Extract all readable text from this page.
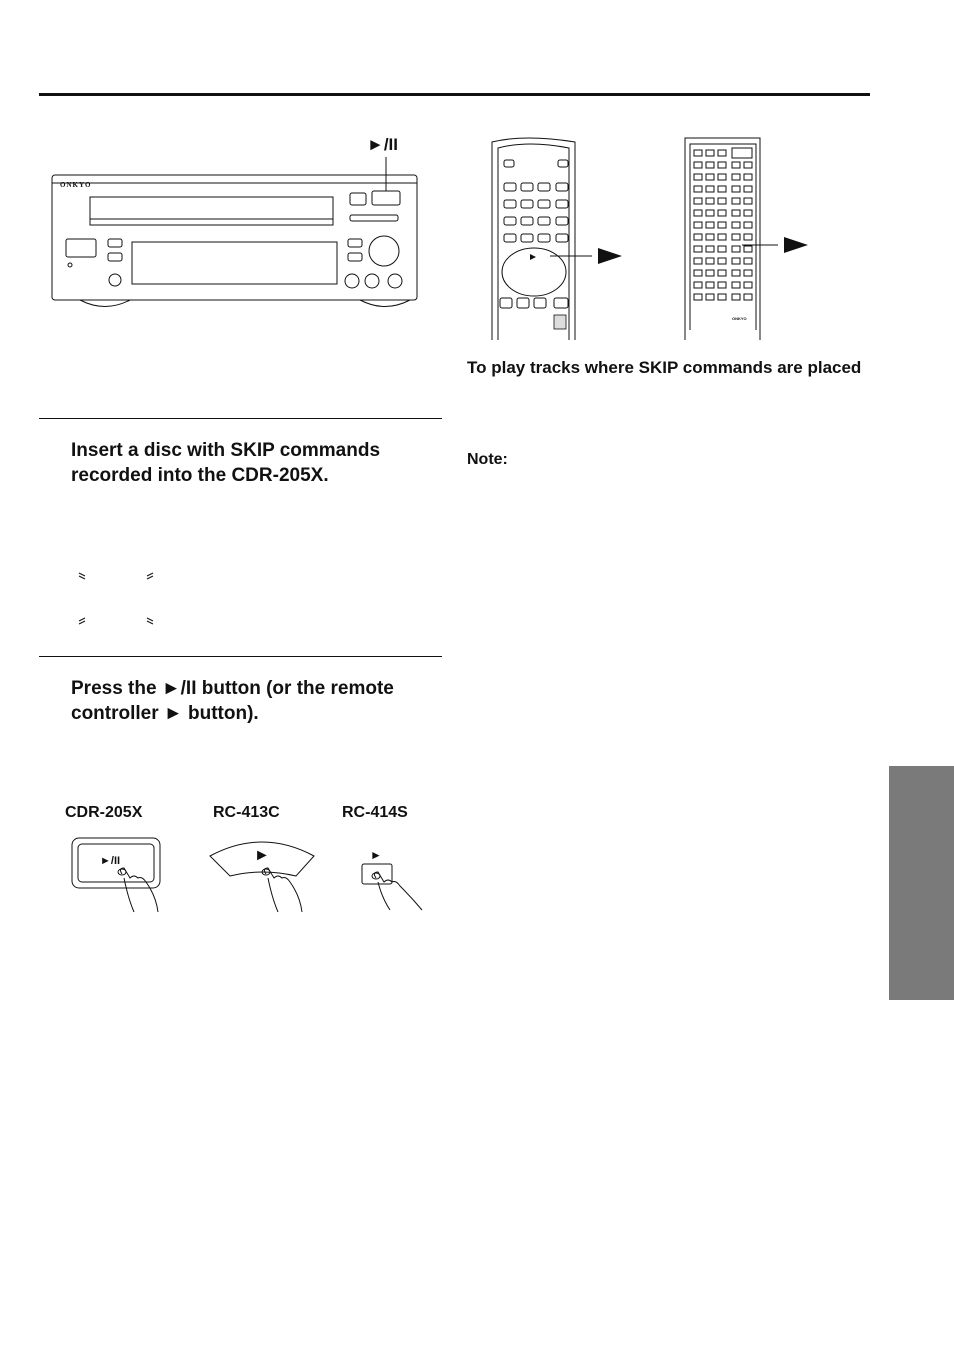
►/II
ONKYO
ONKYO
To play tracks where SKIP commands are placed
Note:
Insert a disc with SKIP commands recorded into the CDR-205X.
Press the ►/II button (or the remote controller ► button).
CDR-205X	RC-413C	RC-414S
►/II	►	►
